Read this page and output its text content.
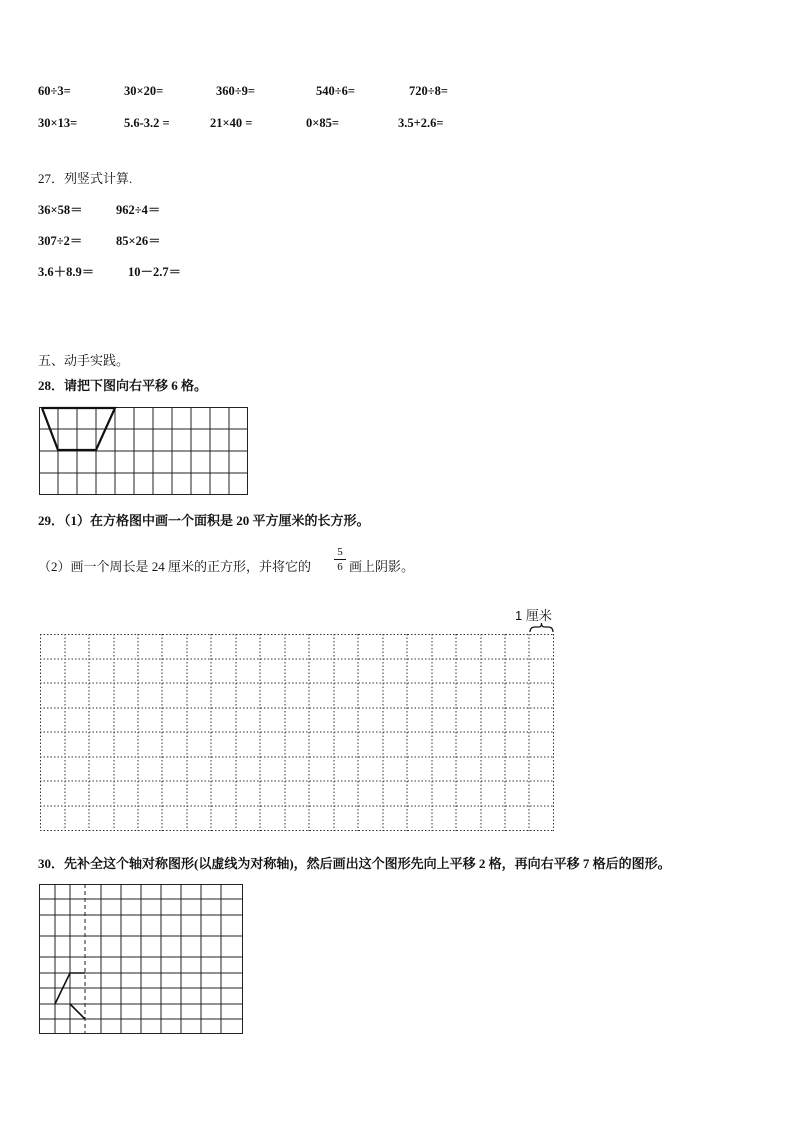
60÷3=	30×20=	360÷9=	540÷6=	720÷8=
30×13=	5.6-3.2 =	21×40 =	0×85=	3.5+2.6=
27．列竖式计算.
36×58＝	962÷4＝
307÷2＝	85×26＝
3.6＋8.9＝	10－2.7＝
五、动手实践。
28．请把下图向右平移 6 格。
29．（1）在方格图中画一个面积是 20 平方厘米的长方形。
（2）画一个周长是 24 厘米的正方形，并将它的
5
6 画上阴影。
1 厘米
30．先补全这个轴对称图形(以虚线为对称轴)，然后画出这个图形先向上平移 2 格，再向右平移 7 格后的图形。
